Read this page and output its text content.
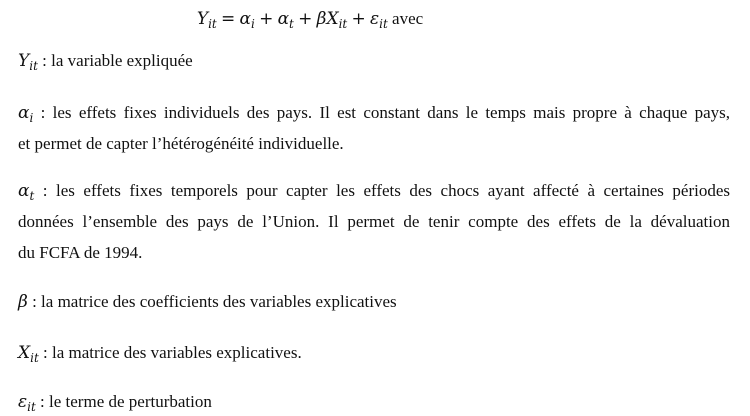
$Y_{it} = \alpha_i + \alpha_t + \beta X_{it} + \varepsilon_{it}$ avec
$Y_{it}$ : la variable expliquée
$\alpha_i$ : les effets fixes individuels des pays. Il est constant dans le temps mais propre à chaque pays,
et permet de capter l’hétérogénéité individuelle.
$\alpha_t$ : les effets fixes temporels pour capter les effets des chocs ayant affecté à certaines périodes
données l’ensemble des pays de l’Union. Il permet de tenir compte des effets de la dévaluation
du FCFA de 1994.
β : la matrice des coefficients des variables explicatives
$X_{it}$ : la matrice des variables explicatives.
$\varepsilon_{it}$ : le terme de perturbation
